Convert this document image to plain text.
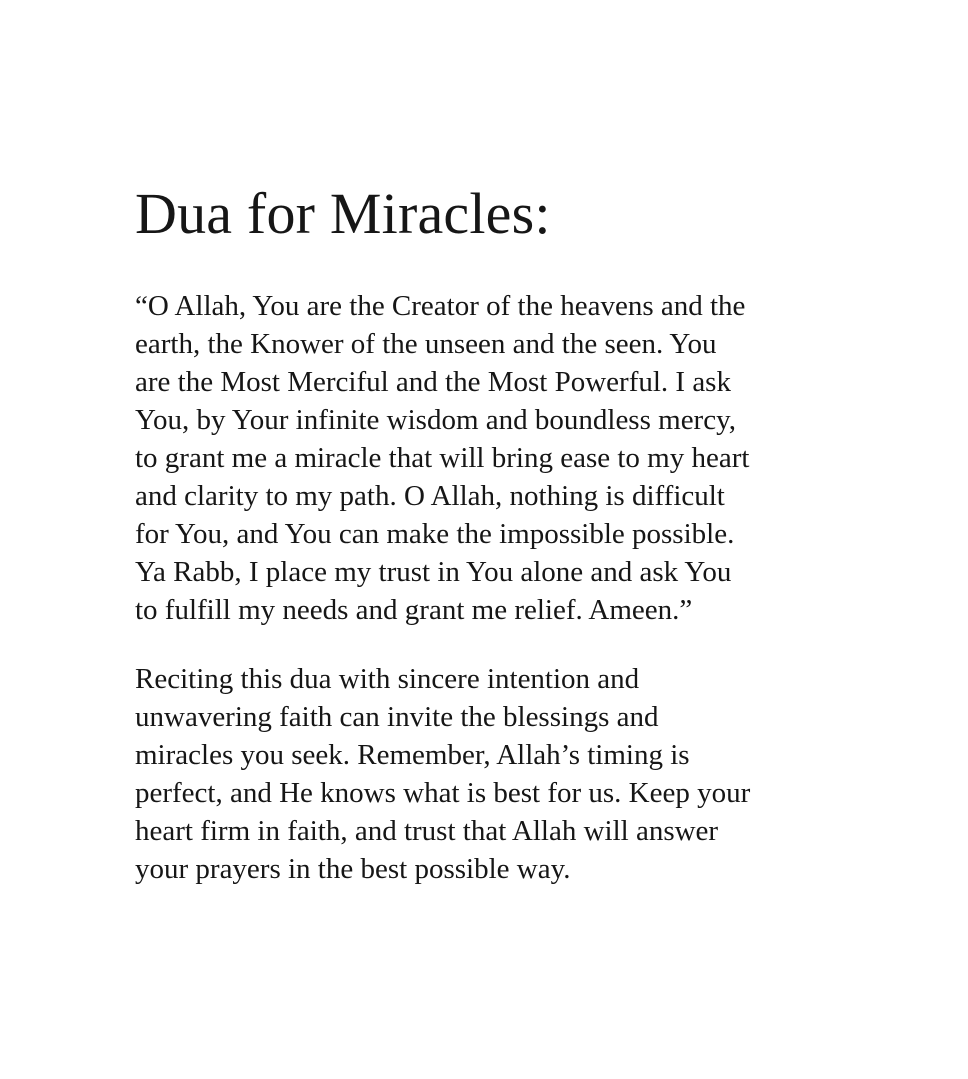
Dua for Miracles:

“O Allah, You are the Creator of the heavens and the
earth, the Knower of the unseen and the seen. You
are the Most Merciful and the Most Powerful. I ask
You, by Your infinite wisdom and boundless mercy,
to grant me a miracle that will bring ease to my heart
and clarity to my path. O Allah, nothing is difficult
for You, and You can make the impossible possible.
Ya Rabb, I place my trust in You alone and ask You
to fulfill my needs and grant me relief. Ameen.”

Reciting this dua with sincere intention and
unwavering faith can invite the blessings and
miracles you seek. Remember, Allah’s timing is
perfect, and He knows what is best for us. Keep your
heart firm in faith, and trust that Allah will answer
your prayers in the best possible way.
